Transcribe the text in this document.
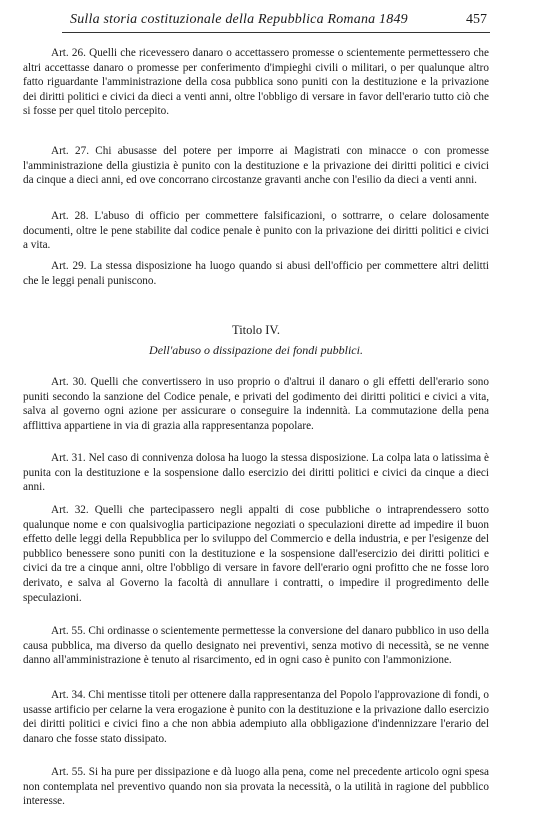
Sulla storia costituzionale della Repubblica Romana 1849	457

Art. 26. Quelli che ricevessero danaro o accettassero promesse o scientemente permettessero che altri accettasse danaro o promesse per conferimento d'impieghi civili o militari, o per qualunque altro fatto riguardante l'amministrazione della cosa pubblica sono puniti con la destituzione e la privazione dei diritti politici e civici da dieci a venti anni, oltre l'obbligo di versare in favor dell'erario tutto ciò che si fosse per quel titolo percepito.

Art. 27. Chi abusasse del potere per imporre ai Magistrati con minacce o con promesse l'amministrazione della giustizia è punito con la destituzione e la privazione dei diritti politici e civici da cinque a dieci anni, ed ove concorrano circostanze gravanti anche con l'esilio da dieci a venti anni.

Art. 28. L'abuso di officio per commettere falsificazioni, o sottrarre, o celare dolosamente documenti, oltre le pene stabilite dal codice penale è punito con la privazione dei diritti politici e civici a vita.

Art. 29. La stessa disposizione ha luogo quando si abusi dell'officio per commettere altri delitti che le leggi penali puniscono.

Titolo IV.
Dell'abuso o dissipazione dei fondi pubblici.

Art. 30. Quelli che convertissero in uso proprio o d'altrui il danaro o gli effetti dell'erario sono puniti secondo la sanzione del Codice penale, e privati del godimento dei diritti politici e civici a vita, salva al governo ogni azione per assicurare o conseguire la indennità. La commutazione della pena afflittiva appartiene in via di grazia alla rappresentanza popolare.

Art. 31. Nel caso di connivenza dolosa ha luogo la stessa disposizione. La colpa lata o latissima è punita con la destituzione e la sospensione dallo esercizio dei diritti politici e civici da cinque a dieci anni.

Art. 32. Quelli che partecipassero negli appalti di cose pubbliche o intraprendessero sotto qualunque nome e con qualsivoglia participazione negoziati o speculazioni dirette ad impedire il buon effetto delle leggi della Repubblica per lo sviluppo del Commercio e della industria, e per l'esigenze del pubblico benessere sono puniti con la destituzione e la sospensione dall'esercizio dei diritti politici e civici da tre a cinque anni, oltre l'obbligo di versare in favore dell'erario ogni profitto che ne fosse loro derivato, e salva al Governo la facoltà di annullare i contratti, o impedire il progredimento delle speculazioni.

Art. 55. Chi ordinasse o scientemente permettesse la conversione del danaro pubblico in uso della causa pubblica, ma diverso da quello designato nei preventivi, senza motivo di necessità, se ne venne danno all'amministrazione è tenuto al risarcimento, ed in ogni caso è punito con l'ammonizione.

Art. 34. Chi mentisse titoli per ottenere dalla rappresentanza del Popolo l'approvazione di fondi, o usasse artificio per celarne la vera erogazione è punito con la destituzione e la privazione dallo esercizio dei diritti politici e civici fino a che non abbia adempiuto alla obbligazione d'indennizzare l'erario del danaro che fosse stato dissipato.

Art. 55. Si ha pure per dissipazione e dà luogo alla pena, come nel precedente articolo ogni spesa non contemplata nel preventivo quando non sia provata la necessità, o la utilità in ragione del pubblico interesse.
